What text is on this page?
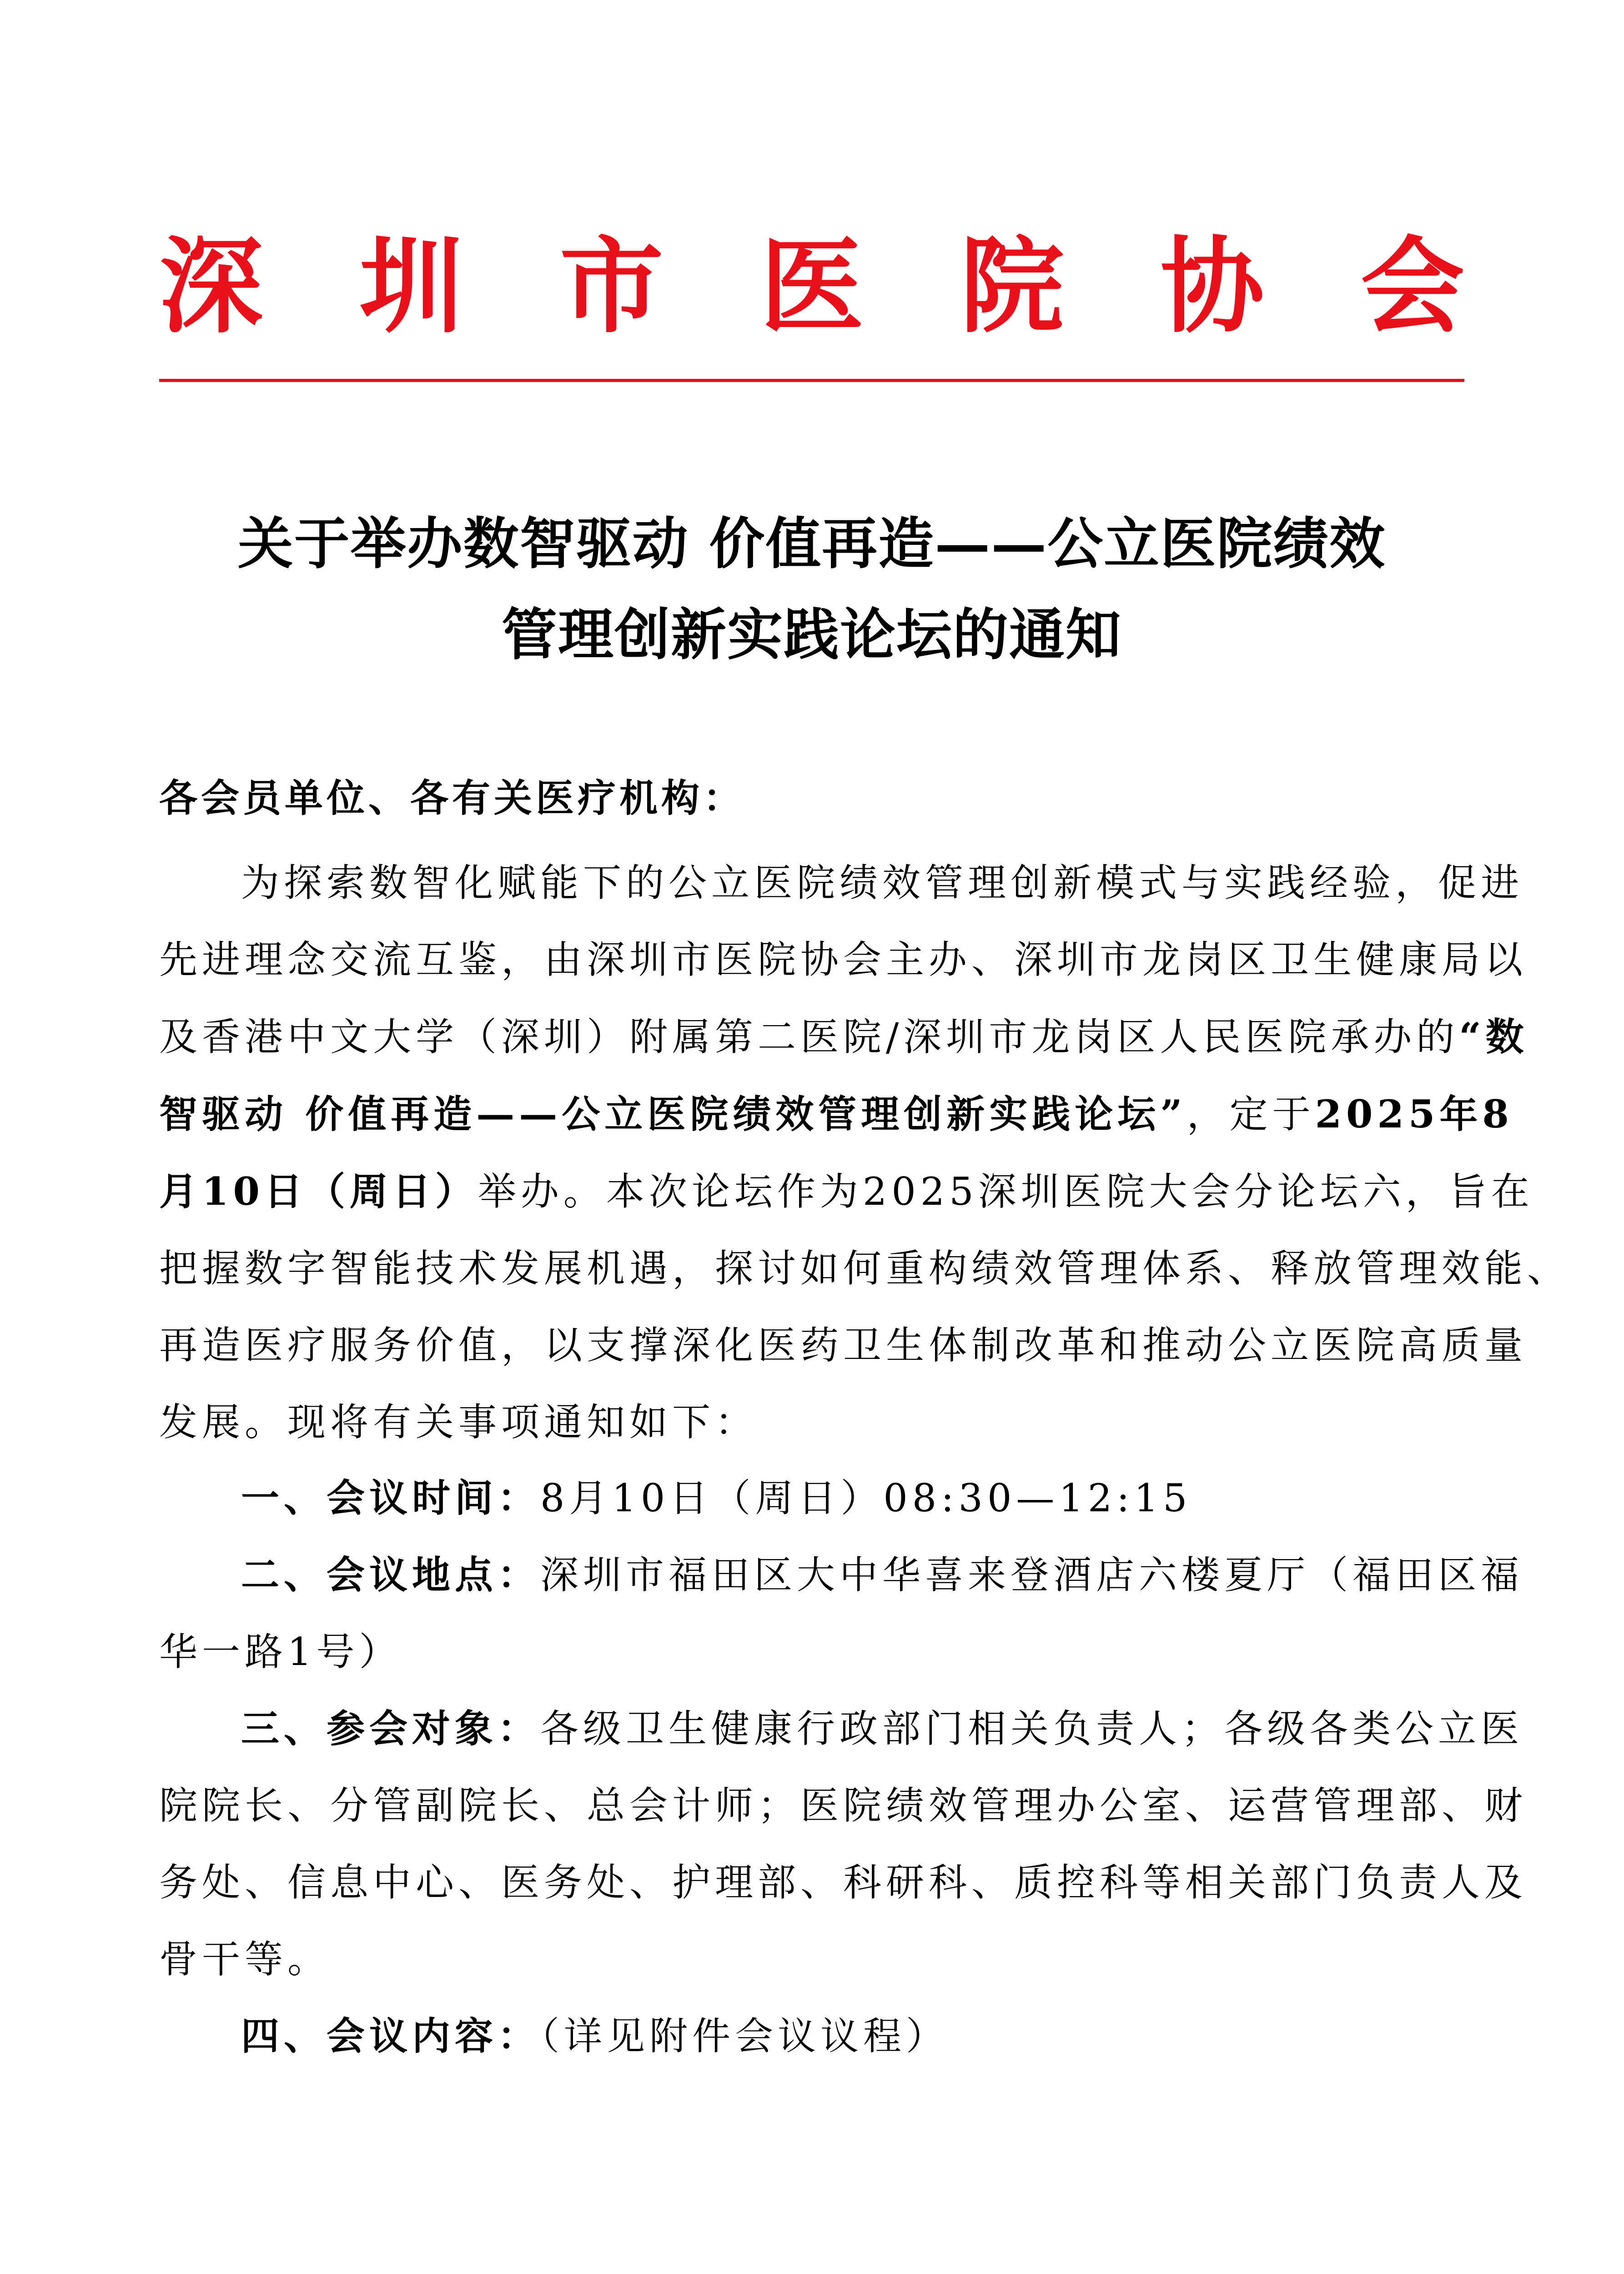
深 圳 市 医 院 协 会
关于举办数智驱动 价值再造——公立医院绩效
管理创新实践论坛的通知
各会员单位、各有关医疗机构：
为探索数智化赋能下的公立医院绩效管理创新模式与实践经验，促进
先进理念交流互鉴，由深圳市医院协会主办、深圳市龙岗区卫生健康局以
及香港中文大学（深圳）附属第二医院/深圳市龙岗区人民医院承办的“数
智驱动 价值再造——公立医院绩效管理创新实践论坛”，定于2025年8
月10日（周日）举办。本次论坛作为2025深圳医院大会分论坛六，旨在
把握数字智能技术发展机遇，探讨如何重构绩效管理体系、释放管理效能、
再造医疗服务价值，以支撑深化医药卫生体制改革和推动公立医院高质量
发展。现将有关事项通知如下：
一、会议时间：8月10日（周日）08:30—12:15
二、会议地点：深圳市福田区大中华喜来登酒店六楼夏厅（福田区福
华一路1号）
三、参会对象：各级卫生健康行政部门相关负责人；各级各类公立医
院院长、分管副院长、总会计师；医院绩效管理办公室、运营管理部、财
务处、信息中心、医务处、护理部、科研科、质控科等相关部门负责人及
骨干等。
四、会议内容：（详见附件会议议程）
